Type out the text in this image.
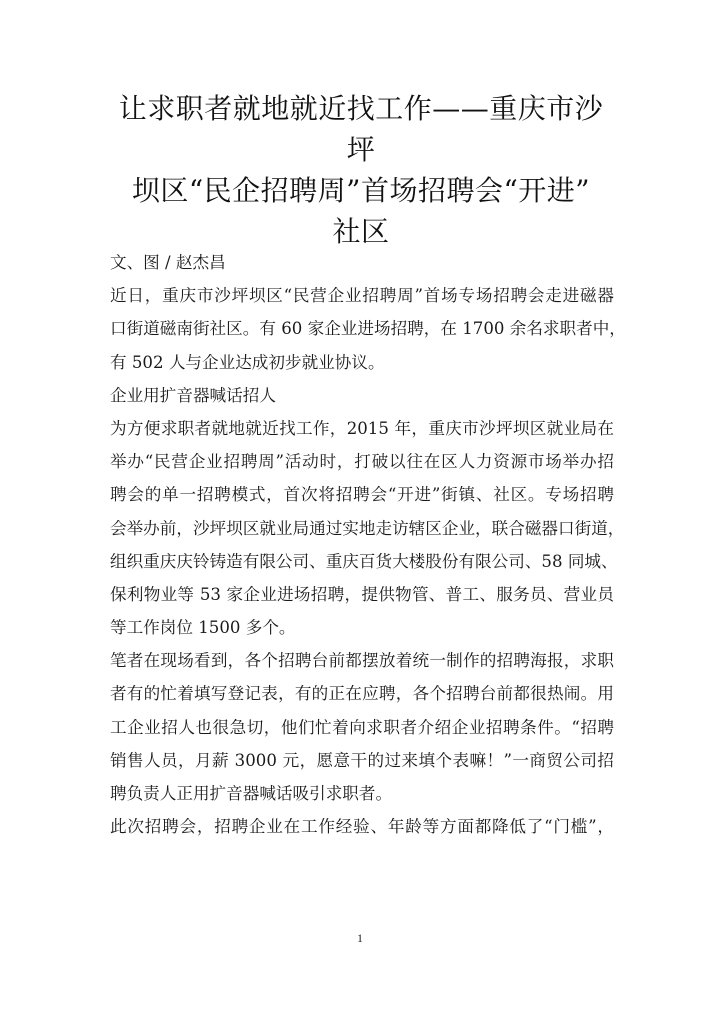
让求职者就地就近找工作——重庆市沙坪
坝区“民企招聘周”首场招聘会“开进”
社区
文、图 / 赵杰昌
近日，重庆市沙坪坝区“民营企业招聘周”首场专场招聘会走进磁器
口街道磁南街社区。有 60 家企业进场招聘，在 1700 余名求职者中，
有 502 人与企业达成初步就业协议。
企业用扩音器喊话招人
为方便求职者就地就近找工作，2015 年，重庆市沙坪坝区就业局在
举办“民营企业招聘周”活动时，打破以往在区人力资源市场举办招
聘会的单一招聘模式，首次将招聘会“开进”街镇、社区。专场招聘
会举办前，沙坪坝区就业局通过实地走访辖区企业，联合磁器口街道，
组织重庆庆铃铸造有限公司、重庆百货大楼股份有限公司、58 同城、
保利物业等 53 家企业进场招聘，提供物管、普工、服务员、营业员
等工作岗位 1500 多个。
笔者在现场看到，各个招聘台前都摆放着统一制作的招聘海报，求职
者有的忙着填写登记表，有的正在应聘，各个招聘台前都很热闹。用
工企业招人也很急切，他们忙着向求职者介绍企业招聘条件。“招聘
销售人员，月薪 3000 元，愿意干的过来填个表嘛！”一商贸公司招
聘负责人正用扩音器喊话吸引求职者。
此次招聘会，招聘企业在工作经验、年龄等方面都降低了“门槛”，
1
